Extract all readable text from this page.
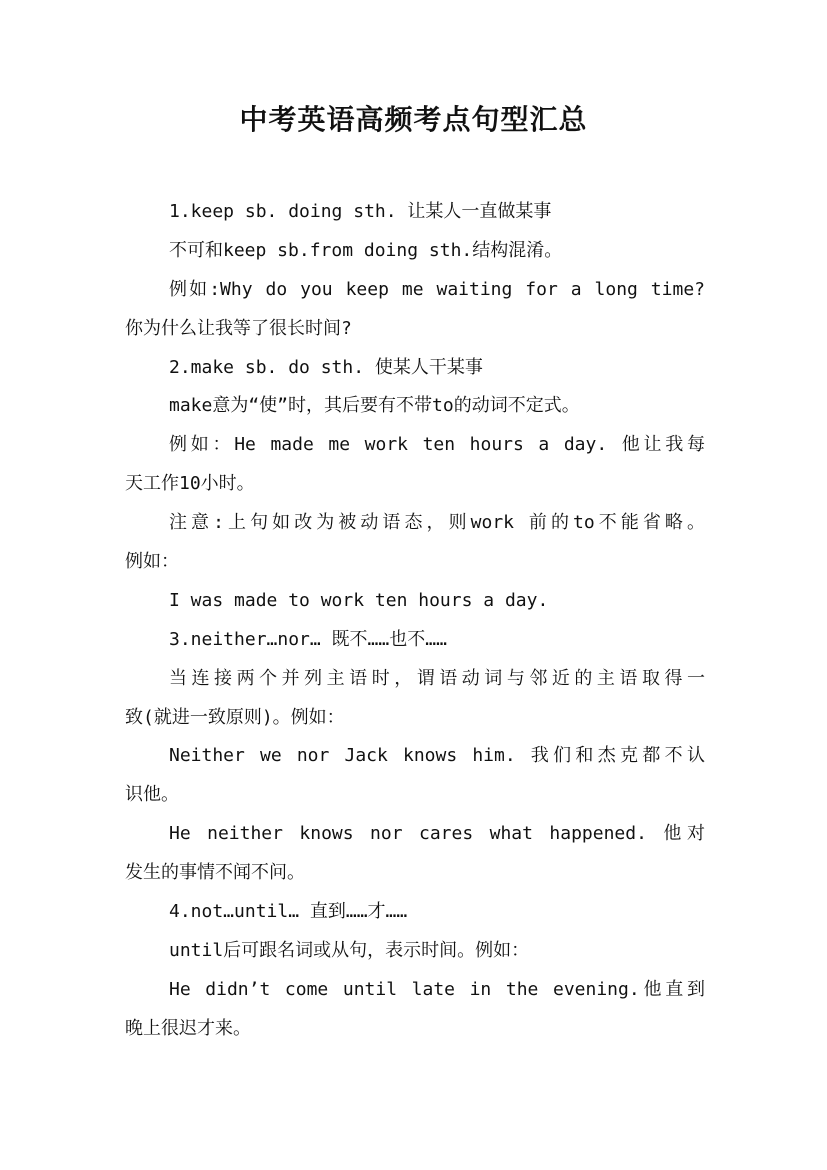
中考英语高频考点句型汇总
1.keep sb. doing sth. 让某人一直做某事
不可和keep sb.from doing sth.结构混淆。
例如:Why do you keep me waiting for a long time?
你为什么让我等了很长时间?
2.make sb. do sth. 使某人干某事
make意为“使”时，其后要有不带to的动词不定式。
例如：He made me work ten hours a day. 他让我每
天工作10小时。
注意:上句如改为被动语态，则work 前的to不能省略。
例如：
I was made to work ten hours a day.
3.neither…nor… 既不……也不……
当连接两个并列主语时，谓语动词与邻近的主语取得一
致(就进一致原则)。例如：
Neither we nor Jack knows him. 我们和杰克都不认
识他。
He neither knows nor cares what happened. 他对
发生的事情不闻不问。
4.not…until… 直到……才……
until后可跟名词或从句，表示时间。例如：
He didn’t come until late in the evening.他直到
晚上很迟才来。
